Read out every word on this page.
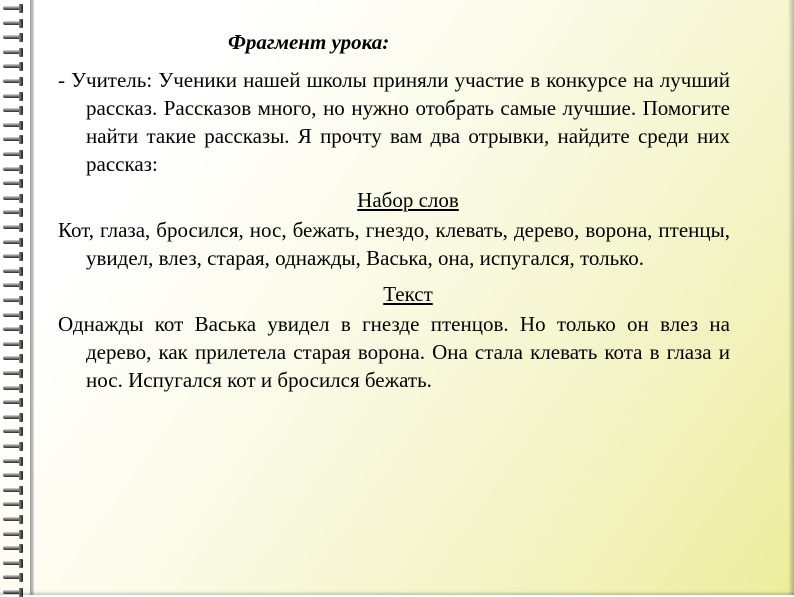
Фрагмент урока:

- Учитель: Ученики нашей школы приняли участие в конкурсе на лучший рассказ. Рассказов много, но нужно отобрать самые лучшие. Помогите найти такие рассказы. Я прочту вам два отрывки, найдите среди них рассказ:

Набор слов

Кот, глаза, бросился, нос, бежать, гнездо, клевать, дерево, ворона, птенцы, увидел, влез, старая, однажды, Васька, она, испугался, только.

Текст

Однажды кот Васька увидел в гнезде птенцов. Но только он влез на дерево, как прилетела старая ворона. Она стала клевать кота в глаза и нос. Испугался кот и бросился бежать.
